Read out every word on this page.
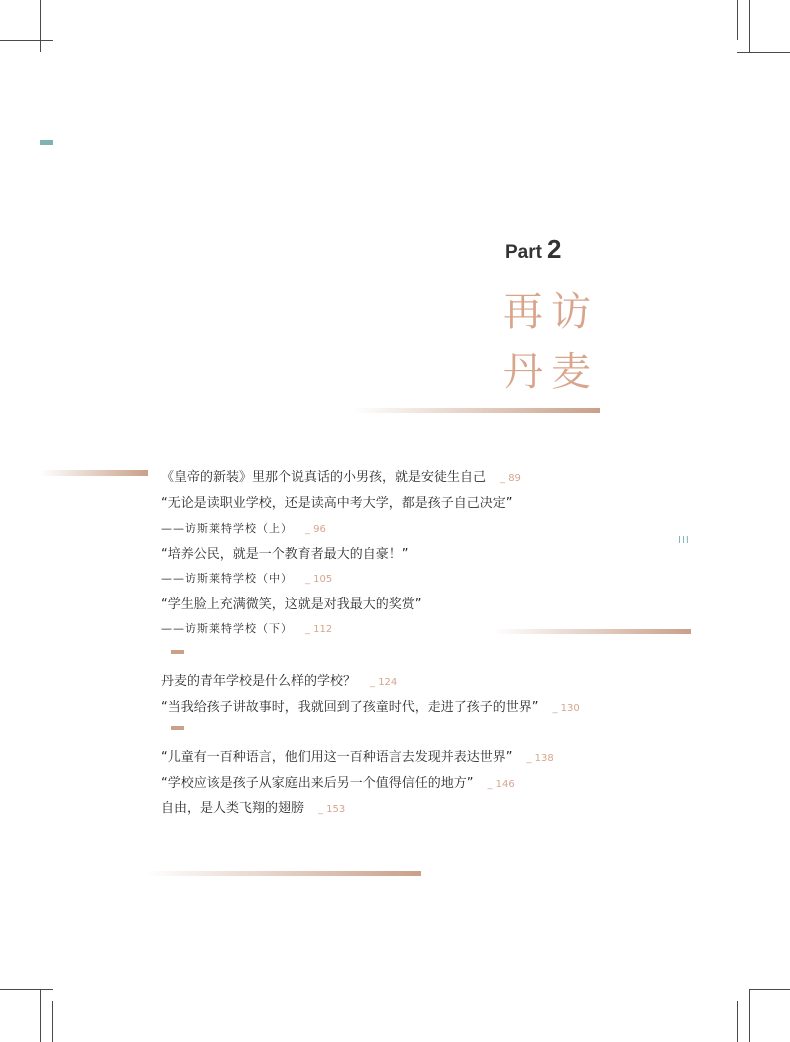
Part 2
再访
丹麦
《皇帝的新装》里那个说真话的小男孩，就是安徒生自己 _ 89
“无论是读职业学校，还是读高中考大学，都是孩子自己决定”
——访斯莱特学校（上） _ 96
“培养公民，就是一个教育者最大的自豪！”
——访斯莱特学校（中） _ 105
“学生脸上充满微笑，这就是对我最大的奖赏”
——访斯莱特学校（下） _ 112
III
丹麦的青年学校是什么样的学校？ _ 124
“当我给孩子讲故事时，我就回到了孩童时代，走进了孩子的世界” _ 130
“儿童有一百种语言，他们用这一百种语言去发现并表达世界” _ 138
“学校应该是孩子从家庭出来后另一个值得信任的地方” _ 146
自由，是人类飞翔的翅膀 _ 153
